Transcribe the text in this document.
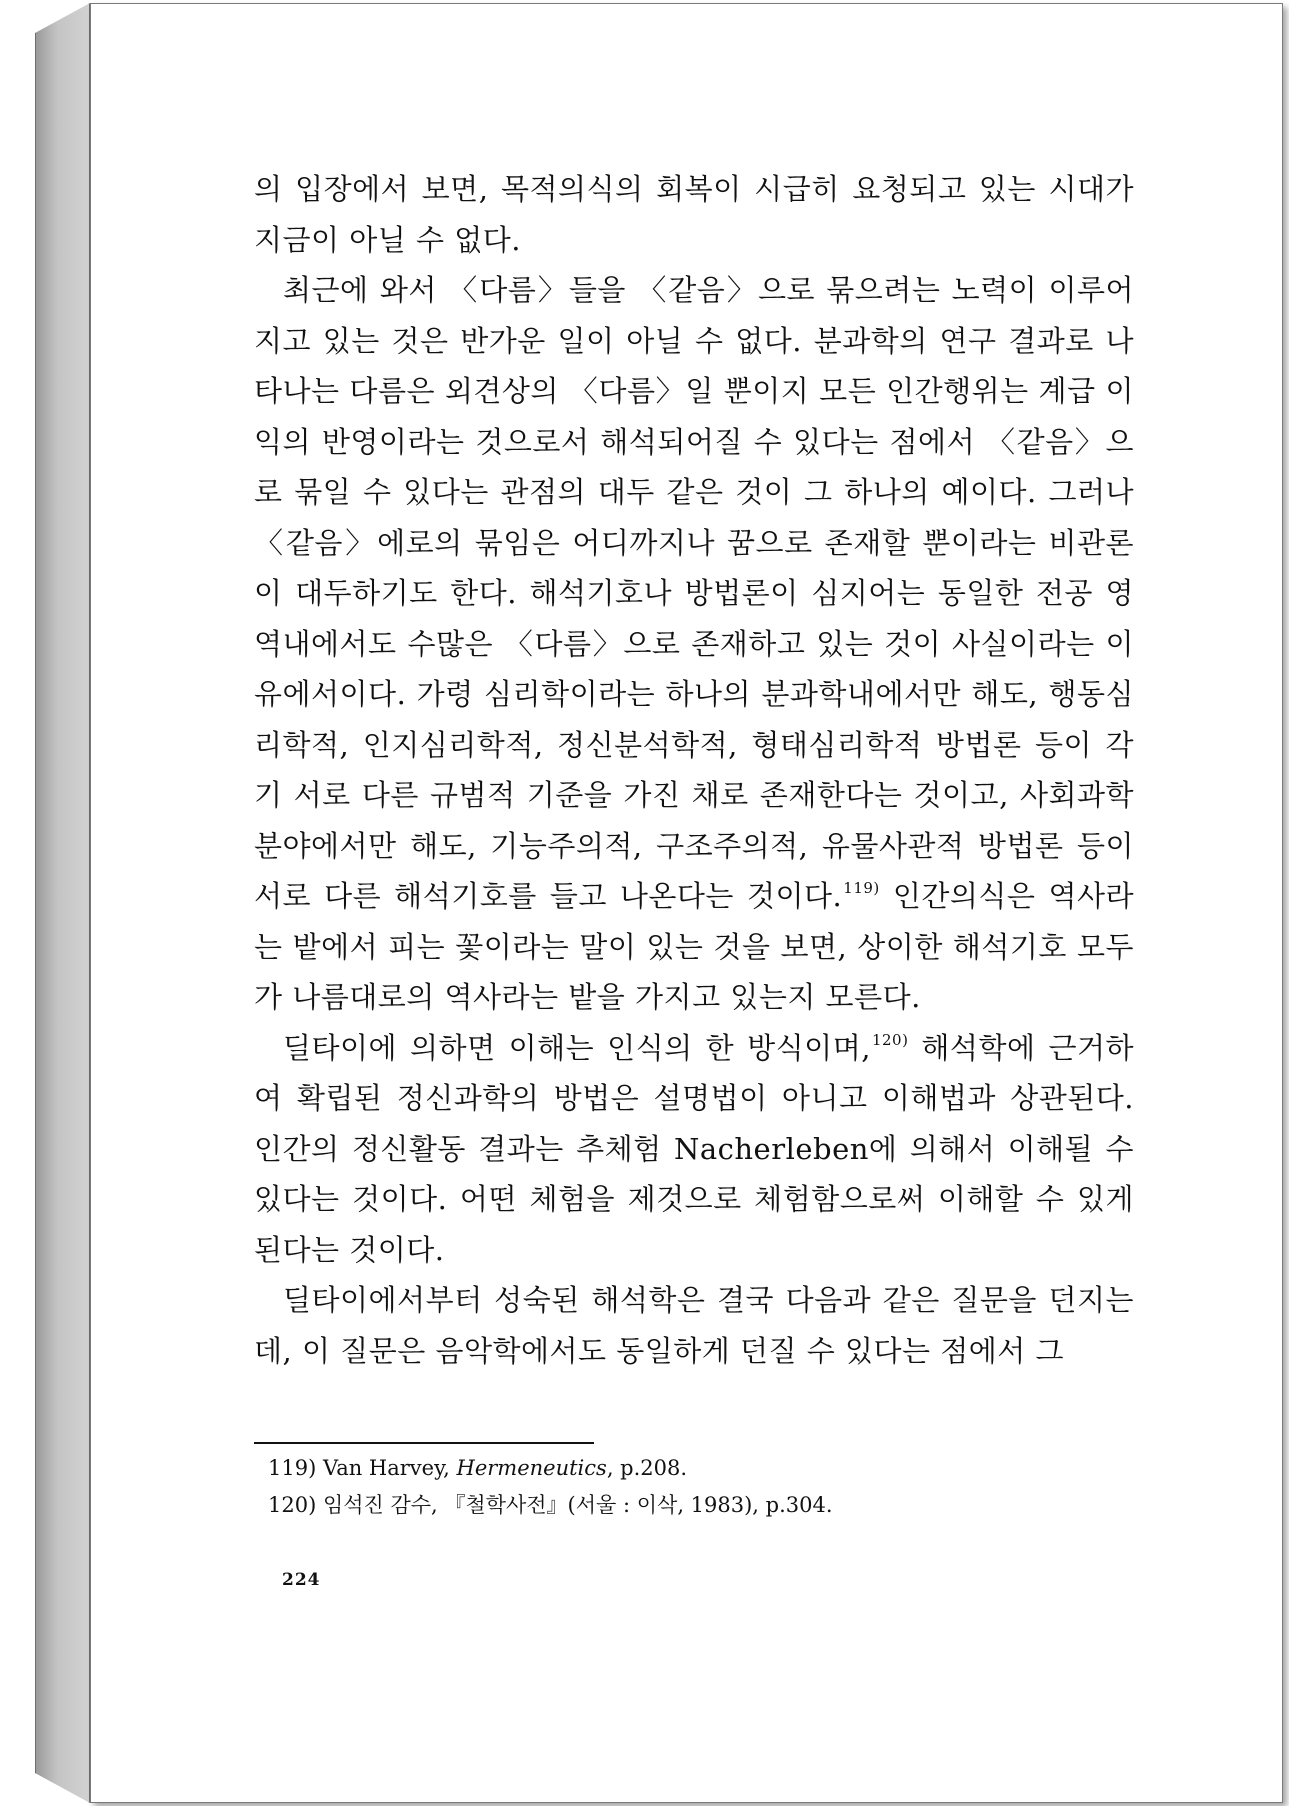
의 입장에서 보면, 목적의식의 회복이 시급히 요청되고 있는 시대가 지금이 아닐 수 없다.

최근에 와서 〈다름〉들을 〈같음〉으로 묶으려는 노력이 이루어지고 있는 것은 반가운 일이 아닐 수 없다. 분과학의 연구 결과로 나타나는 다름은 외견상의 〈다름〉일 뿐이지 모든 인간행위는 계급 이익의 반영이라는 것으로서 해석되어질 수 있다는 점에서 〈같음〉으로 묶일 수 있다는 관점의 대두 같은 것이 그 하나의 예이다. 그러나 〈같음〉에로의 묶임은 어디까지나 꿈으로 존재할 뿐이라는 비관론이 대두하기도 한다. 해석기호나 방법론이 심지어는 동일한 전공 영역내에서도 수많은 〈다름〉으로 존재하고 있는 것이 사실이라는 이유에서이다. 가령 심리학이라는 하나의 분과학내에서만 해도, 행동심리학적, 인지심리학적, 정신분석학적, 형태심리학적 방법론 등이 각기 서로 다른 규범적 기준을 가진 채로 존재한다는 것이고, 사회과학 분야에서만 해도, 기능주의적, 구조주의적, 유물사관적 방법론 등이 서로 다른 해석기호를 들고 나온다는 것이다.$^{119)}$ 인간의식은 역사라는 밭에서 피는 꽃이라는 말이 있는 것을 보면, 상이한 해석기호 모두가 나름대로의 역사라는 밭을 가지고 있는지 모른다.

딜타이에 의하면 이해는 인식의 한 방식이며,$^{120)}$ 해석학에 근거하여 확립된 정신과학의 방법은 설명법이 아니고 이해법과 상관된다. 인간의 정신활동 결과는 추체험 Nacherleben에 의해서 이해될 수 있다는 것이다. 어떤 체험을 제것으로 체험함으로써 이해할 수 있게 된다는 것이다.

딜타이에서부터 성숙된 해석학은 결국 다음과 같은 질문을 던지는데, 이 질문은 음악학에서도 동일하게 던질 수 있다는 점에서 그

119) Van Harvey, Hermeneutics, p.208.
120) 임석진 감수, 『철학사전』(서울 : 이삭, 1983), p.304.
224
